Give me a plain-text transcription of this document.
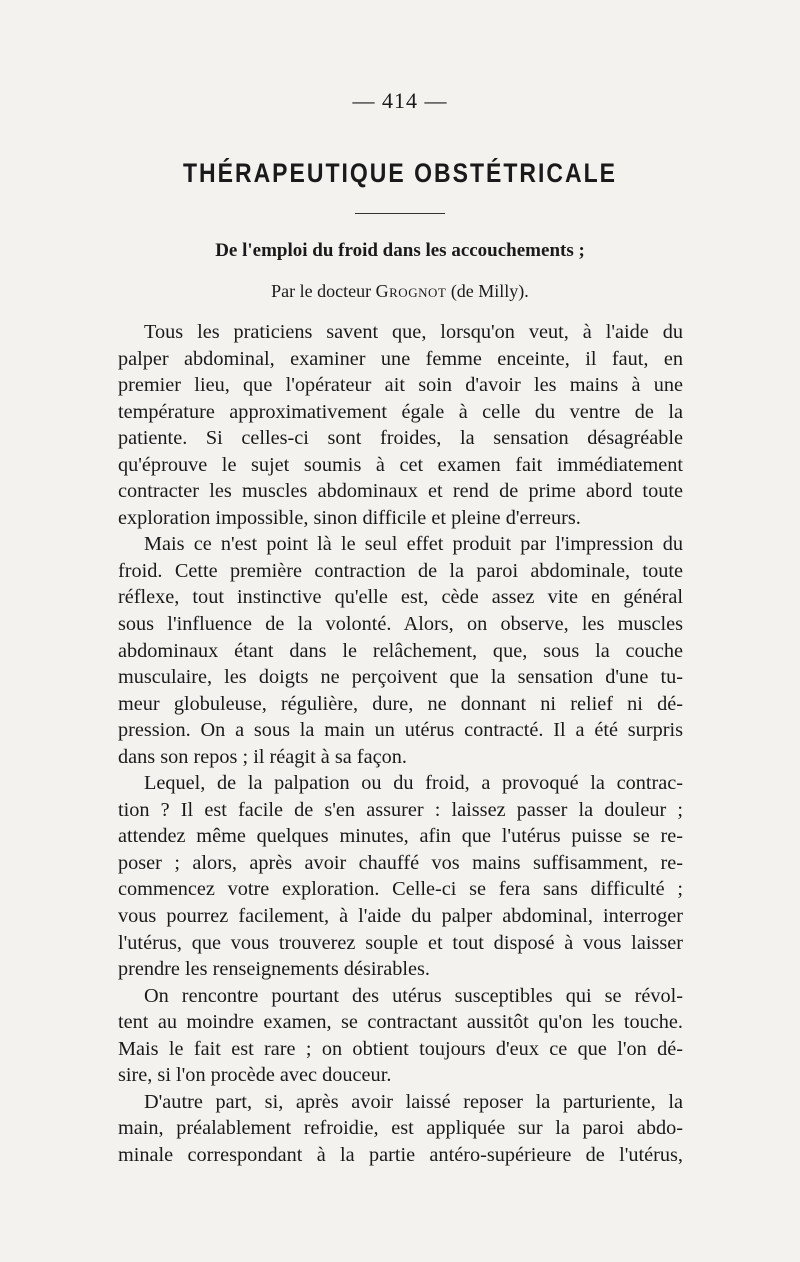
— 414 —
THÉRAPEUTIQUE OBSTÉTRICALE
De l'emploi du froid dans les accouchements ;
Par le docteur Grognot (de Milly).
Tous les praticiens savent que, lorsqu'on veut, à l'aide du
palper abdominal, examiner une femme enceinte, il faut, en
premier lieu, que l'opérateur ait soin d'avoir les mains à une
température approximativement égale à celle du ventre de la
patiente. Si celles-ci sont froides, la sensation désagréable
qu'éprouve le sujet soumis à cet examen fait immédiatement
contracter les muscles abdominaux et rend de prime abord toute
exploration impossible, sinon difficile et pleine d'erreurs.
Mais ce n'est point là le seul effet produit par l'impression du
froid. Cette première contraction de la paroi abdominale, toute
réflexe, tout instinctive qu'elle est, cède assez vite en général
sous l'influence de la volonté. Alors, on observe, les muscles
abdominaux étant dans le relâchement, que, sous la couche
musculaire, les doigts ne perçoivent que la sensation d'une tu-
meur globuleuse, régulière, dure, ne donnant ni relief ni dé-
pression. On a sous la main un utérus contracté. Il a été surpris
dans son repos ; il réagit à sa façon.
Lequel, de la palpation ou du froid, a provoqué la contrac-
tion ? Il est facile de s'en assurer : laissez passer la douleur ;
attendez même quelques minutes, afin que l'utérus puisse se re-
poser ; alors, après avoir chauffé vos mains suffisamment, re-
commencez votre exploration. Celle-ci se fera sans difficulté ;
vous pourrez facilement, à l'aide du palper abdominal, interroger
l'utérus, que vous trouverez souple et tout disposé à vous laisser
prendre les renseignements désirables.
On rencontre pourtant des utérus susceptibles qui se révol-
tent au moindre examen, se contractant aussitôt qu'on les touche.
Mais le fait est rare ; on obtient toujours d'eux ce que l'on dé-
sire, si l'on procède avec douceur.
D'autre part, si, après avoir laissé reposer la parturiente, la
main, préalablement refroidie, est appliquée sur la paroi abdo-
minale correspondant à la partie antéro-supérieure de l'utérus,
